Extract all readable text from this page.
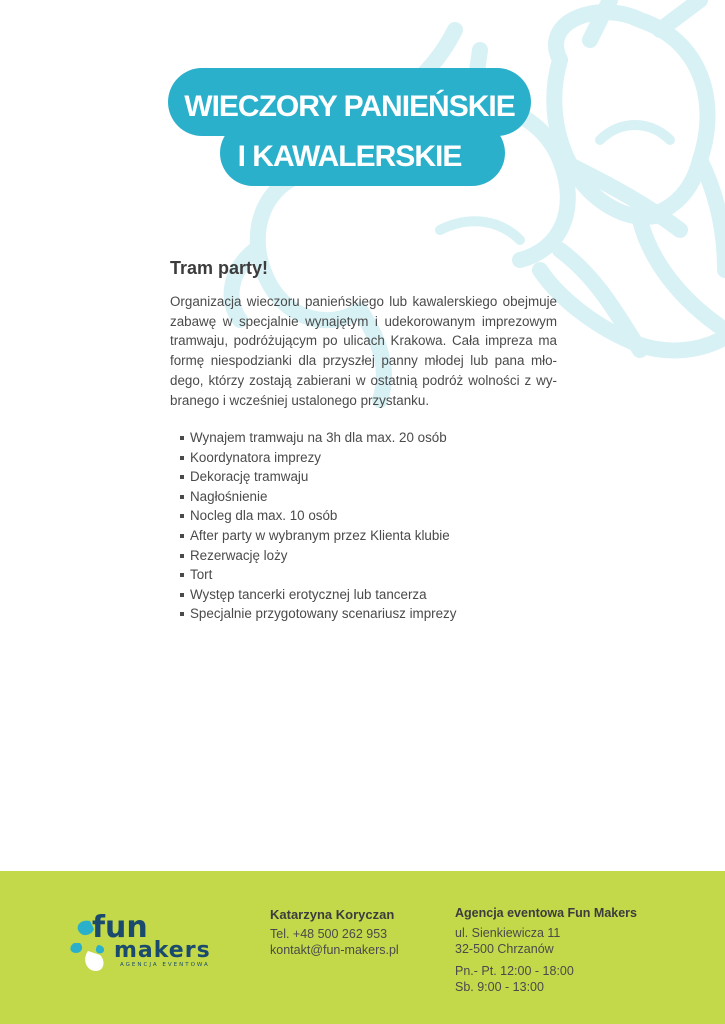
WIECZORY PANIEŃSKIE
I KAWALERSKIE
Tram party!
Organizacja wieczoru panieńskiego lub kawalerskiego obejmuje
zabawę w specjalnie wynajętym i udekorowanym imprezowym
tramwaju, podróżującym po ulicach Krakowa. Cała impreza ma
formę niespodzianki dla przyszłej panny młodej lub pana mło-
dego, którzy zostają zabierani w ostatnią podróż wolności z wy-
branego i wcześniej ustalonego przystanku.
Wynajem tramwaju na 3h dla max. 20 osób
Koordynatora imprezy
Dekorację tramwaju
Nagłośnienie
Nocleg dla max. 10 osób
After party w wybranym przez Klienta klubie
Rezerwację loży
Tort
Występ tancerki erotycznej lub tancerza
Specjalnie przygotowany scenariusz imprezy
fun
makers
AGENCJA EVENTOWA
Katarzyna Koryczan
Tel. +48 500 262 953
kontakt@fun-makers.pl
Agencja eventowa Fun Makers
ul. Sienkiewicza 11
32-500 Chrzanów
Pn.- Pt. 12:00 - 18:00
Sb. 9:00 - 13:00
